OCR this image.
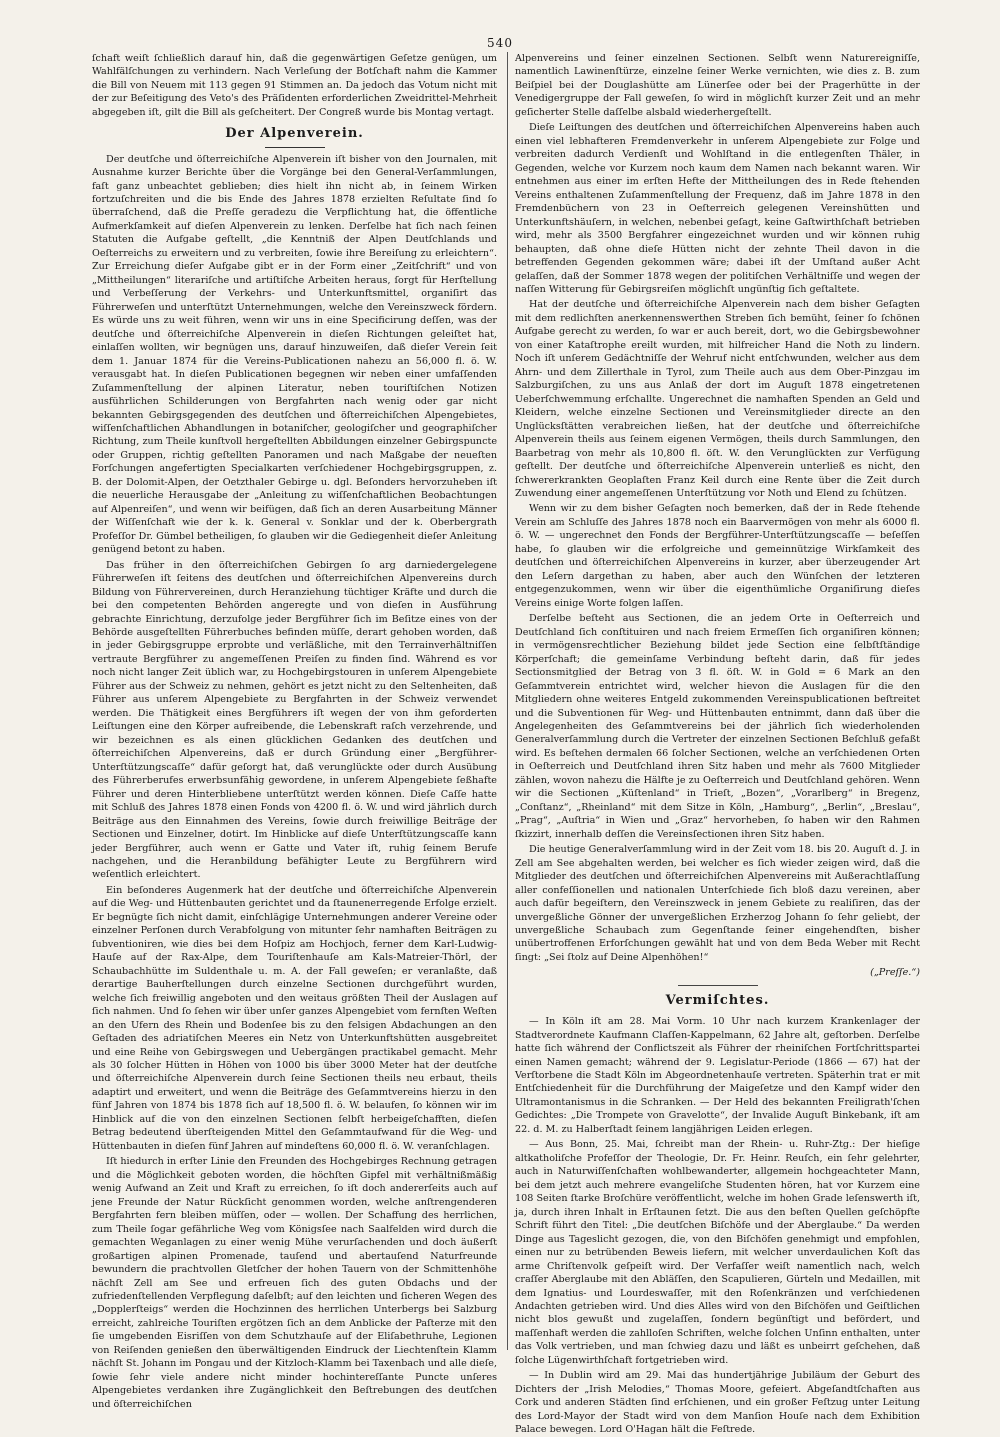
540

ſchaft weiſt ſchließlich darauf hin, daß die gegenwärtigen Geſetze genügen, um Wahlfälſchungen zu verhindern. Nach Verleſung der Botſchaft nahm die Kammer die Bill von Neuem mit 113 gegen 91 Stimmen an. Da jedoch das Votum nicht mit der zur Beſeitigung des Veto's des Präſidenten erforderlichen Zweidrittel-Mehrheit abgegeben iſt, gilt die Bill als geſcheitert. Der Congreß wurde bis Montag vertagt.

Der Alpenverein.

Der deutſche und öſterreichiſche Alpenverein iſt bisher von den Journalen, mit Ausnahme kurzer Berichte über die Vorgänge bei den General-Verſammlungen, faſt ganz unbeachtet geblieben; dies hielt ihn nicht ab, in ſeinem Wirken fortzuſchreiten und die bis Ende des Jahres 1878 erzielten Reſultate ſind ſo überraſchend, daß die Preſſe geradezu die Verpflichtung hat, die öffentliche Aufmerkſamkeit auf dieſen Alpenverein zu lenken. Derſelbe hat ſich nach ſeinen Statuten die Aufgabe geſtellt, „die Kenntniß der Alpen Deutſchlands und Oeſterreichs zu erweitern und zu verbreiten, ſowie ihre Bereiſung zu erleichtern“. Zur Erreichung dieſer Aufgabe gibt er in der Form einer „Zeitſchrift“ und von „Mittheilungen“ literariſche und artiſtiſche Arbeiten heraus, ſorgt für Herſtellung und Verbeſſerung der Verkehrs- und Unterkunftsmittel, organiſirt das Führerweſen und unterſtützt Unternehmungen, welche den Vereinszweck fördern. Es würde uns zu weit führen, wenn wir uns in eine Specificirung deſſen, was der deutſche und öſterreichiſche Alpenverein in dieſen Richtungen geleiſtet hat, einlaſſen wollten, wir begnügen uns, darauf hinzuweiſen, daß dieſer Verein ſeit dem 1. Januar 1874 für die Vereins-Publicationen nahezu an 56,000 fl. ö. W. verausgabt hat. In dieſen Publicationen begegnen wir neben einer umfaſſenden Zuſammenſtellung der alpinen Literatur, neben touriſtiſchen Notizen ausführlichen Schilderungen von Bergfahrten nach wenig oder gar nicht bekannten Gebirgsgegenden des deutſchen und öſterreichiſchen Alpengebietes, wiſſenſchaftlichen Abhandlungen in botaniſcher, geologiſcher und geographiſcher Richtung, zum Theile kunſtvoll hergeſtellten Abbildungen einzelner Gebirgspuncte oder Gruppen, richtig geſtellten Panoramen und nach Maßgabe der neueſten Forſchungen angefertigten Specialkarten verſchiedener Hochgebirgsgruppen, z. B. der Dolomit-Alpen, der Oetzthaler Gebirge u. dgl. Beſonders hervorzuheben iſt die neuerliche Herausgabe der „Anleitung zu wiſſenſchaftlichen Beobachtungen auf Alpenreiſen“, und wenn wir beifügen, daß ſich an deren Ausarbeitung Männer der Wiſſenſchaft wie der k. k. General v. Sonklar und der k. Oberbergrath Profeſſor Dr. Gümbel betheiligen, ſo glauben wir die Gediegenheit dieſer Anleitung genügend betont zu haben.

Das früher in den öſterreichiſchen Gebirgen ſo arg darniedergelegene Führerweſen iſt ſeitens des deutſchen und öſterreichiſchen Alpenvereins durch Bildung von Führervereinen, durch Heranziehung tüchtiger Kräfte und durch die bei den competenten Behörden angeregte und von dieſen in Ausführung gebrachte Einrichtung, derzufolge jeder Bergführer ſich im Beſitze eines von der Behörde ausgeſtellten Führerbuches befinden müſſe, derart gehoben worden, daß in jeder Gebirgsgruppe erprobte und verläßliche, mit den Terrainverhältniſſen vertraute Bergführer zu angemeſſenen Preiſen zu finden ſind. Während es vor noch nicht langer Zeit üblich war, zu Hochgebirgstouren in unſerem Alpengebiete Führer aus der Schweiz zu nehmen, gehört es jetzt nicht zu den Seltenheiten, daß Führer aus unſerem Alpengebiete zu Bergfahrten in der Schweiz verwendet werden. Die Thätigkeit eines Bergführers iſt wegen der von ihm geforderten Leiſtungen eine den Körper aufreibende, die Lebenskraft raſch verzehrende, und wir bezeichnen es als einen glücklichen Gedanken des deutſchen und öſterreichiſchen Alpenvereins, daß er durch Gründung einer „Bergführer-Unterſtützungscaſſe“ dafür geſorgt hat, daß verunglückte oder durch Ausübung des Führerberufes erwerbsunfähig gewordene, in unſerem Alpengebiete ſeßhafte Führer und deren Hinterbliebene unterſtützt werden können. Dieſe Caſſe hatte mit Schluß des Jahres 1878 einen Fonds von 4200 fl. ö. W. und wird jährlich durch Beiträge aus den Einnahmen des Vereins, ſowie durch freiwillige Beiträge der Sectionen und Einzelner, dotirt. Im Hinblicke auf dieſe Unterſtützungscaſſe kann jeder Bergführer, auch wenn er Gatte und Vater iſt, ruhig ſeinem Berufe nachgehen, und die Heranbildung befähigter Leute zu Bergführern wird weſentlich erleichtert.

Ein beſonderes Augenmerk hat der deutſche und öſterreichiſche Alpenverein auf die Weg- und Hüttenbauten gerichtet und da ſtaunenerregende Erfolge erzielt. Er begnügte ſich nicht damit, einſchlägige Unternehmungen anderer Vereine oder einzelner Perſonen durch Verabfolgung von mitunter ſehr namhaften Beiträgen zu ſubventioniren, wie dies bei dem Hoſpiz am Hochjoch, ferner dem Karl-Ludwig-Hauſe auf der Rax-Alpe, dem Touriſtenhauſe am Kals-Matreier-Thörl, der Schaubachhütte im Suldenthale u. m. A. der Fall geweſen; er veranlaßte, daß derartige Bauherſtellungen durch einzelne Sectionen durchgeführt wurden, welche ſich freiwillig angeboten und den weitaus größten Theil der Auslagen auf ſich nahmen. Und ſo ſehen wir über unſer ganzes Alpengebiet vom fernſten Weſten an den Ufern des Rhein und Bodenſee bis zu den felsigen Abdachungen an den Geſtaden des adriatiſchen Meeres ein Netz von Unterkunftshütten ausgebreitet und eine Reihe von Gebirgswegen und Uebergängen practikabel gemacht. Mehr als 30 ſolcher Hütten in Höhen von 1000 bis über 3000 Meter hat der deutſche und öſterreichiſche Alpenverein durch ſeine Sectionen theils neu erbaut, theils adaptirt und erweitert, und wenn die Beiträge des Geſammtvereins hierzu in den fünf Jahren von 1874 bis 1878 ſich auf 18,500 fl. ö. W. belaufen, ſo können wir im Hinblick auf die von den einzelnen Sectionen ſelbſt herbeigeſchafften, dieſen Betrag bedeutend überſteigenden Mittel den Geſammtaufwand für die Weg- und Hüttenbauten in dieſen fünf Jahren auf mindeſtens 60,000 fl. ö. W. veranſchlagen.

Iſt hiedurch in erſter Linie den Freunden des Hochgebirges Rechnung getragen und die Möglichkeit geboten worden, die höchſten Gipfel mit verhältnißmäßig wenig Aufwand an Zeit und Kraft zu erreichen, ſo iſt doch andererſeits auch auf jene Freunde der Natur Rückſicht genommen worden, welche anſtrengenderen Bergfahrten fern bleiben müſſen, oder — wollen. Der Schaffung des herrlichen, zum Theile ſogar gefährliche Weg vom Königsſee nach Saalfelden wird durch die gemachten Weganlagen zu einer wenig Mühe verurſachenden und doch äußerſt großartigen alpinen Promenade, tauſend und abertauſend Naturfreunde bewundern die prachtvollen Gletſcher der hohen Tauern von der Schmittenhöhe nächſt Zell am See und erfreuen ſich des guten Obdachs und der zufriedenſtellenden Verpflegung daſelbſt; auf den leichten und ſicheren Wegen des „Dopplerſteigs“ werden die Hochzinnen des herrlichen Unterbergs bei Salzburg erreicht, zahlreiche Touriſten ergötzen ſich an dem Anblicke der Paſterze mit den ſie umgebenden Eisriſſen von dem Schutzhauſe auf der Eliſabethruhe, Legionen von Reiſenden genießen den überwältigenden Eindruck der Liechtenſtein Klamm nächſt St. Johann im Pongau und der Kitzloch-Klamm bei Taxenbach und alle dieſe, ſowie ſehr viele andere nicht minder hochintereſſante Puncte unſeres Alpengebietes verdanken ihre Zugänglichkeit den Beſtrebungen des deutſchen und öſterreichiſchen

Alpenvereins und ſeiner einzelnen Sectionen. Selbſt wenn Naturereigniſſe, namentlich Lawinenſtürze, einzelne ſeiner Werke vernichten, wie dies z. B. zum Beiſpiel bei der Douglashütte am Lünerſee oder bei der Pragerhütte in der Venedigergruppe der Fall geweſen, ſo wird in möglichſt kurzer Zeit und an mehr geſicherter Stelle daſſelbe alsbald wiederhergeſtellt.

Dieſe Leiſtungen des deutſchen und öſterreichiſchen Alpenvereins haben auch einen viel lebhafteren Fremdenverkehr in unſerem Alpengebiete zur Folge und verbreiten dadurch Verdienſt und Wohlſtand in die entlegenſten Thäler, in Gegenden, welche vor Kurzem noch kaum dem Namen nach bekannt waren. Wir entnehmen aus einer im erſten Hefte der Mittheilungen des in Rede ſtehenden Vereins enthaltenen Zuſammenſtellung der Frequenz, daß im Jahre 1878 in den Fremdenbüchern von 23 in Oeſterreich gelegenen Vereinshütten und Unterkunftshäuſern, in welchen, nebenbei geſagt, keine Gaſtwirthſchaft betrieben wird, mehr als 3500 Bergfahrer eingezeichnet wurden und wir können ruhig behaupten, daß ohne dieſe Hütten nicht der zehnte Theil davon in die betreffenden Gegenden gekommen wäre; dabei iſt der Umſtand außer Acht gelaſſen, daß der Sommer 1878 wegen der politiſchen Verhältniſſe und wegen der naſſen Witterung für Gebirgsreiſen möglichſt ungünſtig ſich geſtaltete.

Hat der deutſche und öſterreichiſche Alpenverein nach dem bisher Geſagten mit dem redlichſten anerkennenswerthen Streben ſich bemüht, ſeiner ſo ſchönen Aufgabe gerecht zu werden, ſo war er auch bereit, dort, wo die Gebirgsbewohner von einer Kataſtrophe ereilt wurden, mit hilfreicher Hand die Noth zu lindern. Noch iſt unſerem Gedächtniſſe der Wehruf nicht entſchwunden, welcher aus dem Ahrn- und dem Zillerthale in Tyrol, zum Theile auch aus dem Ober-Pinzgau im Salzburgiſchen, zu uns aus Anlaß der dort im Auguſt 1878 eingetretenen Ueberſchwemmung erſchallte. Ungerechnet die namhaften Spenden an Geld und Kleidern, welche einzelne Sectionen und Vereinsmitglieder directe an den Unglücksſtätten verabreichen ließen, hat der deutſche und öſterreichiſche Alpenverein theils aus ſeinem eigenen Vermögen, theils durch Sammlungen, den Baarbetrag von mehr als 10,800 fl. öſt. W. den Verunglückten zur Verfügung geſtellt. Der deutſche und öſterreichiſche Alpenverein unterließ es nicht, den ſchwererkrankten Geoplaſten Franz Keil durch eine Rente über die Zeit durch Zuwendung einer angemeſſenen Unterſtützung vor Noth und Elend zu ſchützen.

Wenn wir zu dem bisher Geſagten noch bemerken, daß der in Rede ſtehende Verein am Schluſſe des Jahres 1878 noch ein Baarvermögen von mehr als 6000 fl. ö. W. — ungerechnet den Fonds der Bergführer-Unterſtützungscaſſe — beſeſſen habe, ſo glauben wir die erfolgreiche und gemeinnützige Wirkſamkeit des deutſchen und öſterreichiſchen Alpenvereins in kurzer, aber überzeugender Art den Leſern dargethan zu haben, aber auch den Wünſchen der letzteren entgegenzukommen, wenn wir über die eigenthümliche Organiſirung dieſes Vereins einige Worte folgen laſſen.

Derſelbe beſteht aus Sectionen, die an jedem Orte in Oeſterreich und Deutſchland ſich conſtituiren und nach freiem Ermeſſen ſich organiſiren können; in vermögensrechtlicher Beziehung bildet jede Section eine ſelbſtſtändige Körperſchaft; die gemeinſame Verbindung beſteht darin, daß für jedes Sectionsmitglied der Betrag von 3 fl. öſt. W. in Gold = 6 Mark an den Geſammtverein entrichtet wird, welcher hievon die Auslagen für die den Mitgliedern ohne weiteres Entgeld zukommenden Vereinspublicationen beſtreitet und die Subventionen für Weg- und Hüttenbauten entnimmt, dann daß über die Angelegenheiten des Geſammtvereins bei der jährlich ſich wiederholenden Generalverſammlung durch die Vertreter der einzelnen Sectionen Beſchluß gefaßt wird. Es beſtehen dermalen 66 ſolcher Sectionen, welche an verſchiedenen Orten in Oeſterreich und Deutſchland ihren Sitz haben und mehr als 7600 Mitglieder zählen, wovon nahezu die Hälfte je zu Oeſterreich und Deutſchland gehören. Wenn wir die Sectionen „Küſtenland“ in Trieſt, „Bozen“, „Vorarlberg“ in Bregenz, „Conſtanz“, „Rheinland“ mit dem Sitze in Köln, „Hamburg“, „Berlin“, „Breslau“, „Prag“, „Auſtria“ in Wien und „Graz“ hervorheben, ſo haben wir den Rahmen ſkizzirt, innerhalb deſſen die Vereinsſectionen ihren Sitz haben.

Die heutige Generalverſammlung wird in der Zeit vom 18. bis 20. Auguſt d. J. in Zell am See abgehalten werden, bei welcher es ſich wieder zeigen wird, daß die Mitglieder des deutſchen und öſterreichiſchen Alpenvereins mit Außerachtlaſſung aller confeſſionellen und nationalen Unterſchiede ſich bloß dazu vereinen, aber auch dafür begeiſtern, den Vereinszweck in jenem Gebiete zu realiſiren, das der unvergeßliche Gönner der unvergeßlichen Erzherzog Johann ſo ſehr geliebt, der unvergeßliche Schaubach zum Gegenſtande ſeiner eingehendſten, bisher unübertroffenen Erforſchungen gewählt hat und von dem Beda Weber mit Recht ſingt: „Sei ſtolz auf Deine Alpenhöhen!“

(„Preſſe.“)
Vermiſchtes.

— In Köln iſt am 28. Mai Vorm. 10 Uhr nach kurzem Krankenlager der Stadtverordnete Kaufmann Claſſen-Kappelmann, 62 Jahre alt, geſtorben. Derſelbe hatte ſich während der Conflictszeit als Führer der rheiniſchen Fortſchrittspartei einen Namen gemacht; während der 9. Legislatur-Periode (1866 — 67) hat der Verſtorbene die Stadt Köln im Abgeordnetenhauſe vertreten. Späterhin trat er mit Entſchiedenheit für die Durchführung der Maigeſetze und den Kampf wider den Ultramontanismus in die Schranken. — Der Held des bekannten Freiligrath'ſchen Gedichtes: „Die Trompete von Gravelotte“, der Invalide Auguſt Binkebank, iſt am 22. d. M. zu Halberſtadt ſeinem langjährigen Leiden erlegen.

— Aus Bonn, 25. Mai, ſchreibt man der Rhein- u. Ruhr-Ztg.: Der hieſige altkatholiſche Profeſſor der Theologie, Dr. Fr. Heinr. Reuſch, ein ſehr gelehrter, auch in Naturwiſſenſchaften wohlbewanderter, allgemein hochgeachteter Mann, bei dem jetzt auch mehrere evangeliſche Studenten hören, hat vor Kurzem eine 108 Seiten ſtarke Broſchüre veröffentlicht, welche im hohen Grade leſenswerth iſt, ja, durch ihren Inhalt in Erſtaunen ſetzt. Die aus den beſten Quellen geſchöpfte Schrift führt den Titel: „Die deutſchen Biſchöfe und der Aberglaube.“ Da werden Dinge aus Tageslicht gezogen, die, von den Biſchöfen genehmigt und empfohlen, einen nur zu betrübenden Beweis liefern, mit welcher unverdaulichen Koſt das arme Chriſtenvolk geſpeiſt wird. Der Verfaſſer weiſt namentlich nach, welch craſſer Aberglaube mit den Abläſſen, den Scapulieren, Gürteln und Medaillen, mit dem Ignatius- und Lourdeswaſſer, mit den Roſenkränzen und verſchiedenen Andachten getrieben wird. Und dies Alles wird von den Biſchöfen und Geiſtlichen nicht blos gewußt und zugelaſſen, ſondern begünſtigt und befördert, und maſſenhaft werden die zahlloſen Schriften, welche ſolchen Unſinn enthalten, unter das Volk vertrieben, und man ſchwieg dazu und läßt es unbeirrt geſchehen, daß ſolche Lügenwirthſchaft fortgetrieben wird.

— In Dublin wird am 29. Mai das hundertjährige Jubiläum der Geburt des Dichters der „Irish Melodies,“ Thomas Moore, gefeiert. Abgeſandtſchaften aus Cork und anderen Städten ſind erſchienen, und ein großer Feſtzug unter Leitung des Lord-Mayor der Stadt wird von dem Manſion Houſe nach dem Exhibition Palace bewegen. Lord O'Hagan hält die Feſtrede.
